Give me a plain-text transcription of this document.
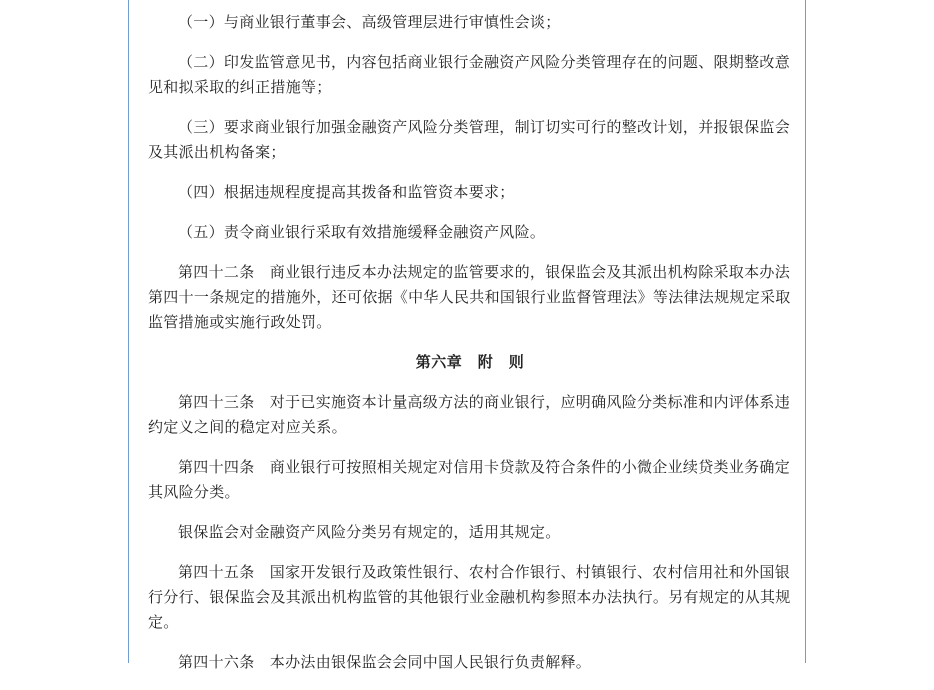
（一）与商业银行董事会、高级管理层进行审慎性会谈；

（二）印发监管意见书，内容包括商业银行金融资产风险分类管理存在的问题、限期整改意见和拟采取的纠正措施等；

（三）要求商业银行加强金融资产风险分类管理，制订切实可行的整改计划，并报银保监会及其派出机构备案；

（四）根据违规程度提高其拨备和监管资本要求；

（五）责令商业银行采取有效措施缓释金融资产风险。

第四十二条　商业银行违反本办法规定的监管要求的，银保监会及其派出机构除采取本办法第四十一条规定的措施外，还可依据《中华人民共和国银行业监督管理法》等法律法规规定采取监管措施或实施行政处罚。

第六章　附　则

第四十三条　对于已实施资本计量高级方法的商业银行，应明确风险分类标准和内评体系违约定义之间的稳定对应关系。

第四十四条　商业银行可按照相关规定对信用卡贷款及符合条件的小微企业续贷类业务确定其风险分类。

银保监会对金融资产风险分类另有规定的，适用其规定。

第四十五条　国家开发银行及政策性银行、农村合作银行、村镇银行、农村信用社和外国银行分行、银保监会及其派出机构监管的其他银行业金融机构参照本办法执行。另有规定的从其规定。

第四十六条　本办法由银保监会会同中国人民银行负责解释。
